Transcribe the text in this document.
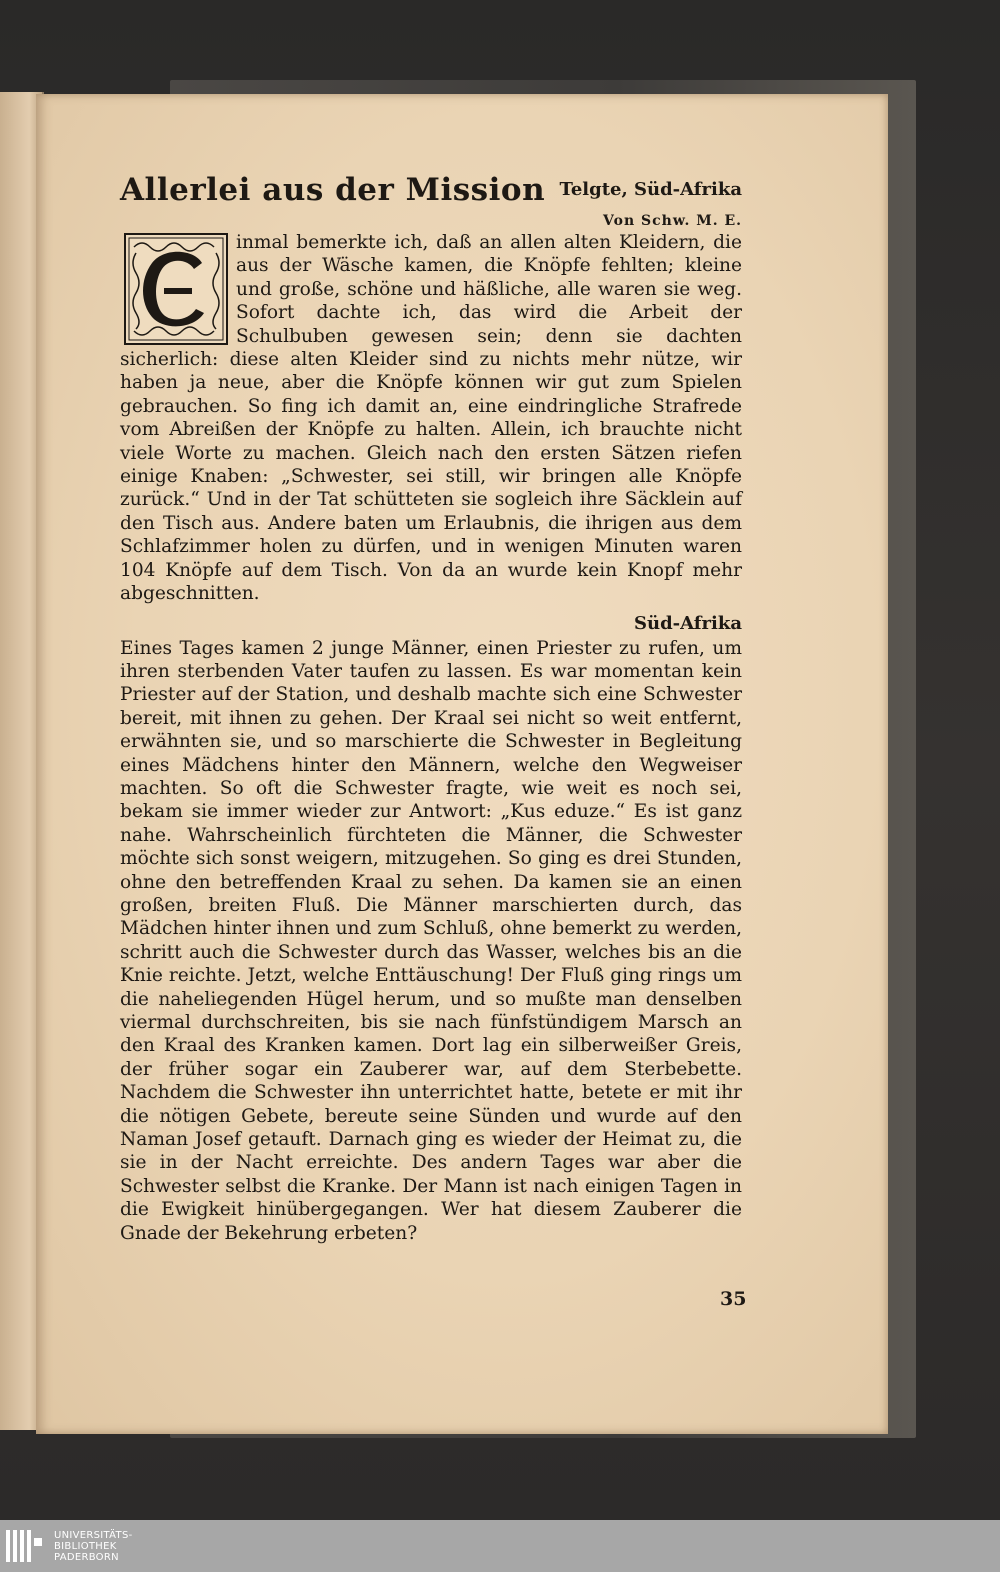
Allerlei aus der Mission Telgte, Süd-Afrika
Von Schw. M. E.
inmal bemerkte ich, daß an allen alten Kleidern, die aus der Wäsche kamen, die Knöpfe fehlten; kleine und große, schöne und häßliche, alle waren sie weg. Sofort dachte ich, das wird die Arbeit der Schulbuben gewesen sein; denn sie dachten sicherlich: diese alten Kleider sind zu nichts mehr nütze, wir haben ja neue, aber die Knöpfe können wir gut zum Spielen gebrauchen. So fing ich damit an, eine eindringliche Strafrede vom Abreißen der Knöpfe zu halten. Allein, ich brauchte nicht viele Worte zu machen. Gleich nach den ersten Sätzen riefen einige Knaben: „Schwester, sei still, wir bringen alle Knöpfe zurück.“ Und in der Tat schütteten sie sogleich ihre Säcklein auf den Tisch aus. Andere baten um Erlaubnis, die ihrigen aus dem Schlafzimmer holen zu dürfen, und in wenigen Minuten waren 104 Knöpfe auf dem Tisch. Von da an wurde kein Knopf mehr abgeschnitten.
Süd-Afrika

Eines Tages kamen 2 junge Männer, einen Priester zu rufen, um ihren sterbenden Vater taufen zu lassen. Es war momentan kein Priester auf der Station, und deshalb machte sich eine Schwester bereit, mit ihnen zu gehen. Der Kraal sei nicht so weit entfernt, erwähnten sie, und so marschierte die Schwester in Begleitung eines Mädchens hinter den Männern, welche den Wegweiser machten. So oft die Schwester fragte, wie weit es noch sei, bekam sie immer wieder zur Antwort: „Kus eduze.“ Es ist ganz nahe. Wahrscheinlich fürchteten die Männer, die Schwester möchte sich sonst weigern, mitzugehen. So ging es drei Stunden, ohne den betreffenden Kraal zu sehen. Da kamen sie an einen großen, breiten Fluß. Die Männer marschierten durch, das Mädchen hinter ihnen und zum Schluß, ohne bemerkt zu werden, schritt auch die Schwester durch das Wasser, welches bis an die Knie reichte. Jetzt, welche Enttäuschung! Der Fluß ging rings um die naheliegenden Hügel herum, und so mußte man denselben viermal durchschreiten, bis sie nach fünfstündigem Marsch an den Kraal des Kranken kamen. Dort lag ein silberweißer Greis, der früher sogar ein Zauberer war, auf dem Sterbebette. Nachdem die Schwester ihn unterrichtet hatte, betete er mit ihr die nötigen Gebete, bereute seine Sünden und wurde auf den Naman Josef getauft. Darnach ging es wieder der Heimat zu, die sie in der Nacht erreichte. Des andern Tages war aber die Schwester selbst die Kranke. Der Mann ist nach einigen Tagen in die Ewigkeit hinübergegangen. Wer hat diesem Zauberer die Gnade der Bekehrung erbeten?

35
UNIVERSITÄTS-
BIBLIOTHEK
PADERBORN
